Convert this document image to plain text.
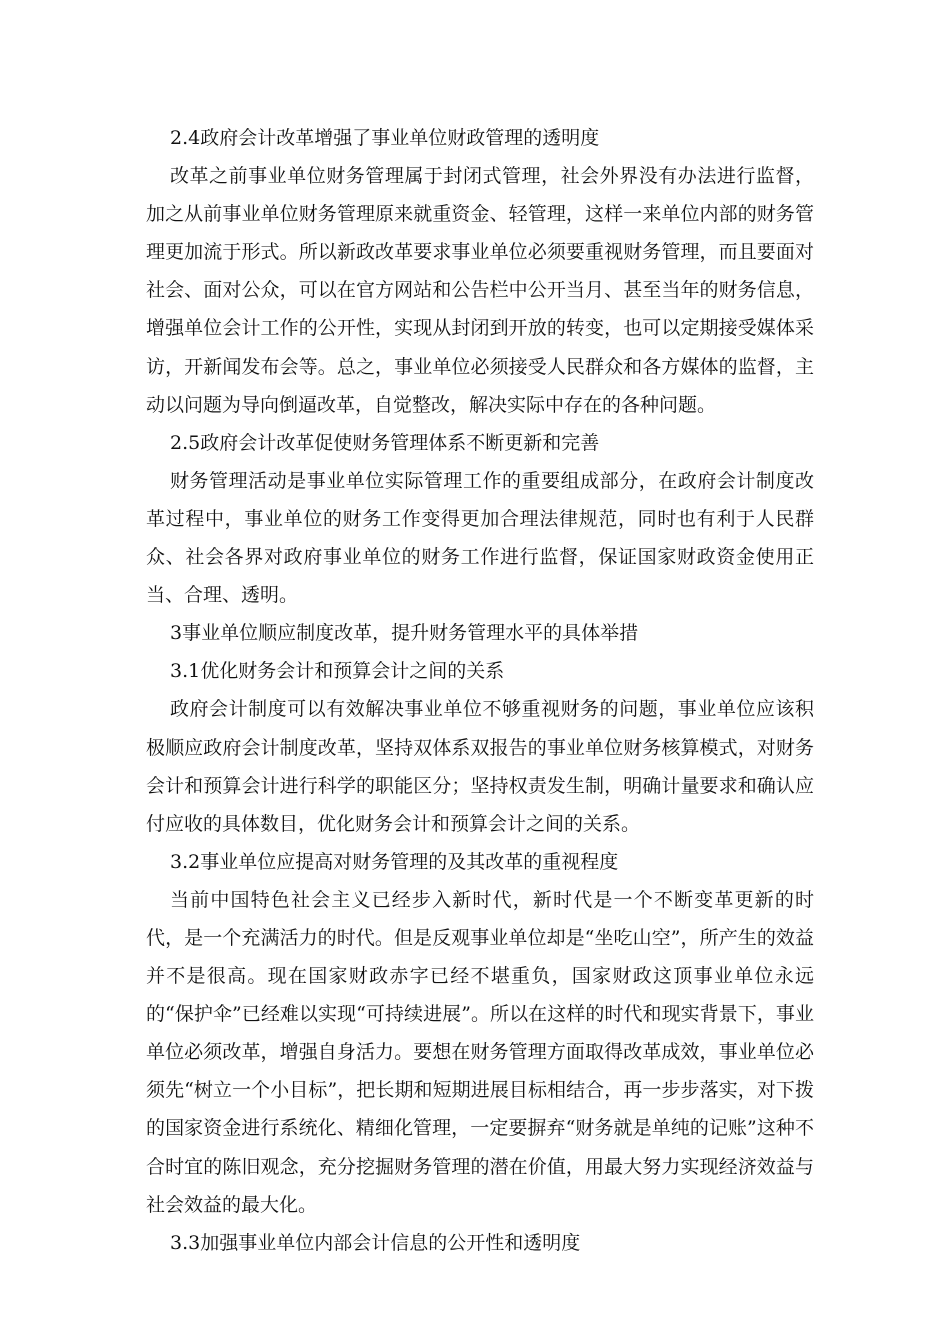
2.4政府会计改革增强了事业单位财政管理的透明度

改革之前事业单位财务管理属于封闭式管理，社会外界没有办法进行监督，加之从前事业单位财务管理原来就重资金、轻管理，这样一来单位内部的财务管理更加流于形式。所以新政改革要求事业单位必须要重视财务管理，而且要面对社会、面对公众，可以在官方网站和公告栏中公开当月、甚至当年的财务信息，增强单位会计工作的公开性，实现从封闭到开放的转变，也可以定期接受媒体采访，开新闻发布会等。总之，事业单位必须接受人民群众和各方媒体的监督，主动以问题为导向倒逼改革，自觉整改，解决实际中存在的各种问题。

2.5政府会计改革促使财务管理体系不断更新和完善

财务管理活动是事业单位实际管理工作的重要组成部分，在政府会计制度改革过程中，事业单位的财务工作变得更加合理法律规范，同时也有利于人民群众、社会各界对政府事业单位的财务工作进行监督，保证国家财政资金使用正当、合理、透明。

3事业单位顺应制度改革，提升财务管理水平的具体举措

3.1优化财务会计和预算会计之间的关系

政府会计制度可以有效解决事业单位不够重视财务的问题，事业单位应该积极顺应政府会计制度改革，坚持双体系双报告的事业单位财务核算模式，对财务会计和预算会计进行科学的职能区分；坚持权责发生制，明确计量要求和确认应付应收的具体数目，优化财务会计和预算会计之间的关系。

3.2事业单位应提高对财务管理的及其改革的重视程度

当前中国特色社会主义已经步入新时代，新时代是一个不断变革更新的时代，是一个充满活力的时代。但是反观事业单位却是“坐吃山空”，所产生的效益并不是很高。现在国家财政赤字已经不堪重负，国家财政这顶事业单位永远的“保护伞”已经难以实现“可持续进展”。所以在这样的时代和现实背景下，事业单位必须改革，增强自身活力。要想在财务管理方面取得改革成效，事业单位必须先“树立一个小目标”，把长期和短期进展目标相结合，再一步步落实，对下拨的国家资金进行系统化、精细化管理，一定要摒弃“财务就是单纯的记账”这种不合时宜的陈旧观念，充分挖掘财务管理的潜在价值，用最大努力实现经济效益与社会效益的最大化。

3.3加强事业单位内部会计信息的公开性和透明度
